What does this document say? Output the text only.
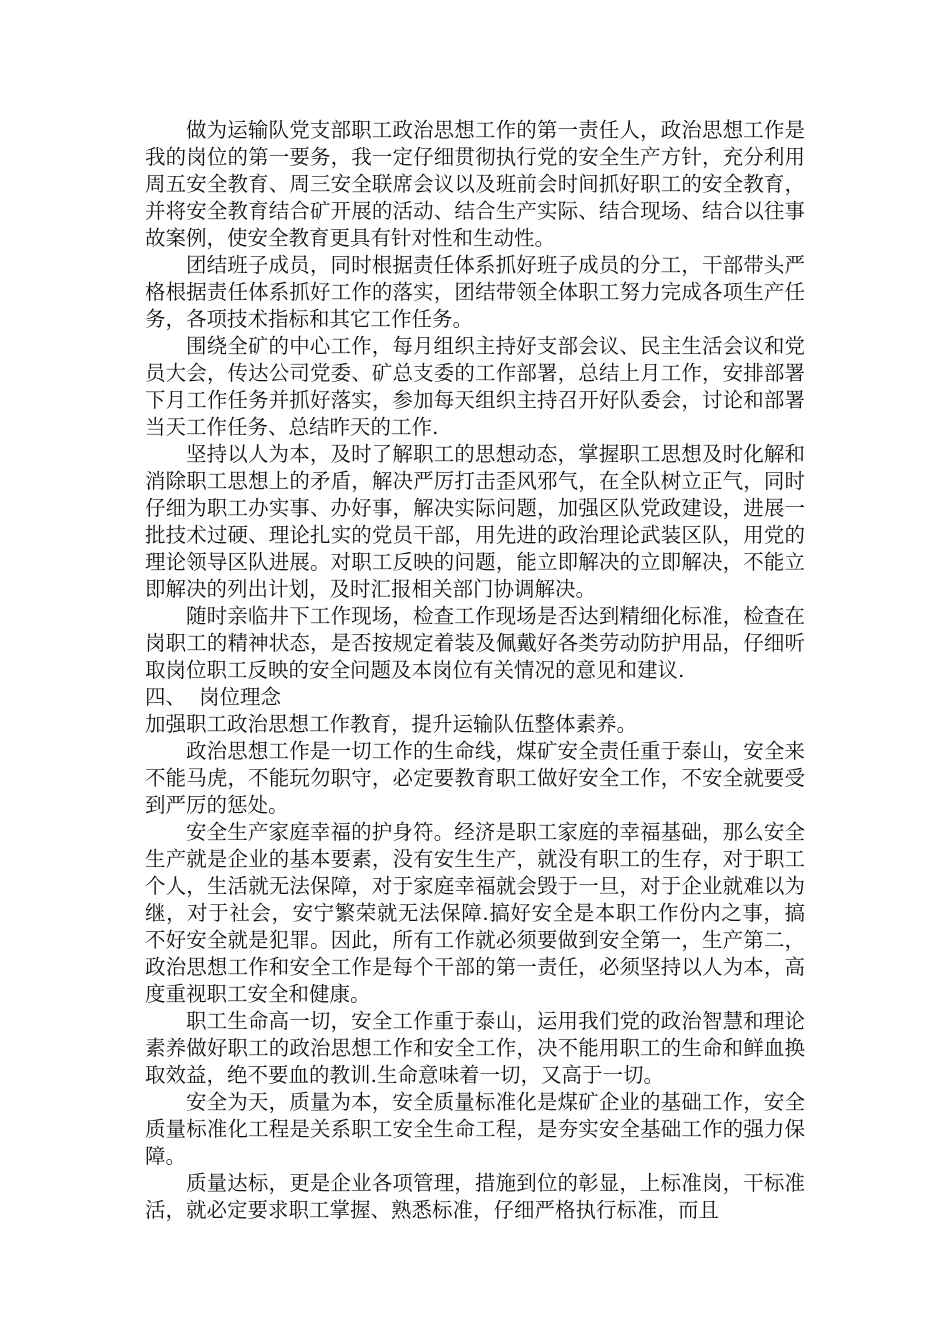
做为运输队党支部职工政治思想工作的第一责任人，政治思想工作是我的岗位的第一要务，我一定仔细贯彻执行党的安全生产方针，充分利用周五安全教育、周三安全联席会议以及班前会时间抓好职工的安全教育，并将安全教育结合矿开展的活动、结合生产实际、结合现场、结合以往事故案例，使安全教育更具有针对性和生动性。

团结班子成员，同时根据责任体系抓好班子成员的分工，干部带头严格根据责任体系抓好工作的落实，团结带领全体职工努力完成各项生产任务，各项技术指标和其它工作任务。

围绕全矿的中心工作，每月组织主持好支部会议、民主生活会议和党员大会，传达公司党委、矿总支委的工作部署，总结上月工作，安排部署下月工作任务并抓好落实，参加每天组织主持召开好队委会，讨论和部署当天工作任务、总结昨天的工作.

坚持以人为本，及时了解职工的思想动态，掌握职工思想及时化解和消除职工思想上的矛盾，解决严厉打击歪风邪气，在全队树立正气，同时仔细为职工办实事、办好事，解决实际问题，加强区队党政建设，进展一批技术过硬、理论扎实的党员干部，用先进的政治理论武装区队，用党的理论领导区队进展。对职工反映的问题，能立即解决的立即解决，不能立即解决的列出计划，及时汇报相关部门协调解决。

随时亲临井下工作现场，检查工作现场是否达到精细化标准，检查在岗职工的精神状态，是否按规定着装及佩戴好各类劳动防护用品，仔细听取岗位职工反映的安全问题及本岗位有关情况的意见和建议.

四、  岗位理念

加强职工政治思想工作教育，提升运输队伍整体素养。

政治思想工作是一切工作的生命线，煤矿安全责任重于泰山，安全来不能马虎，不能玩勿职守，必定要教育职工做好安全工作，不安全就要受到严厉的惩处。

安全生产家庭幸福的护身符。经济是职工家庭的幸福基础，那么安全生产就是企业的基本要素，没有安生生产，就没有职工的生存，对于职工个人，生活就无法保障，对于家庭幸福就会毁于一旦，对于企业就难以为继，对于社会，安宁繁荣就无法保障.搞好安全是本职工作份内之事，搞不好安全就是犯罪。因此，所有工作就必须要做到安全第一，生产第二，政治思想工作和安全工作是每个干部的第一责任，必须坚持以人为本，高度重视职工安全和健康。

职工生命高一切，安全工作重于泰山，运用我们党的政治智慧和理论素养做好职工的政治思想工作和安全工作，决不能用职工的生命和鲜血换取效益，绝不要血的教训.生命意味着一切，又高于一切。

安全为天，质量为本，安全质量标准化是煤矿企业的基础工作，安全质量标准化工程是关系职工安全生命工程，是夯实安全基础工作的强力保障。

质量达标，更是企业各项管理，措施到位的彰显，上标准岗，干标准活，就必定要求职工掌握、熟悉标准，仔细严格执行标准，而且
